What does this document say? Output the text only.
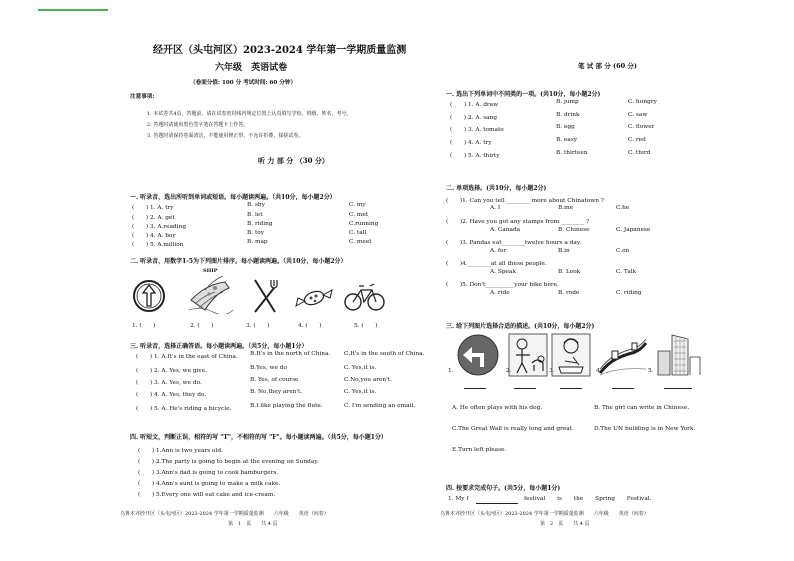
经开区（头屯河区）2023-2024 学年第一学期质量监测
六年级 英语试卷
（卷面分值: 100 分 考试时间: 60 分钟）
注意事项:
1. 本试卷共4页，答题前，请在试卷密封线内规定位置上认真填写学校、班级、姓名、考号。
2. 答题时请使用黑色签字笔在答题卡上作答。
3. 答题时请保持卷面清洁，不能使用修正带，不允许折叠、揉搓试卷。
听 力 部 分 （30 分）
一. 听录音，选出所听到单词或短语。每小题读两遍。（共10分，每小题2分）
(　　) 1. A. try	B. shy	C. my
(　　) 2. A. get	B. let	C. met
(　　) 3. A.reading	B. riding	C.running
(　　) 4. A. boy	B. toy	C. tall
(　　) 5. A.million	B. map	C. meet
二. 听录音，用数字1-5为下列图片排序。每小题读两遍。（共10分，每小题2分）
SHIP
1. (　　)	2. (　　)	3. (　　)	4. (　　)	5. (　　)
三. 听录音，选择正确答语。每小题读两遍。（共5分，每小题1分）
(　　) 1. A.It's in the east of China. B.It's in the north of China. C.It's in the south of China.
(　　) 2. A. Yes, we give.	B.Yes, we do	C. Yes,it is.
(　　) 3. A. Yes, we do.	B. Yes, of course	C.No,you aren't.
(　　) 4. A. Yes, they do.	B. No,they aren't.	C. Yes,it is.
(　　) 5. A. He's riding a bicycle.	B.I like playing the flute.	C. I'm sending an email.
四. 听短文，判断正误，相符的写 "T"，不相符的写 "F"。每小题读两遍。（共5分，每小题1分）
(　　) 1.Ann is two years old.
(　　) 2.The party is going to begin at the evening on Sunday.
(　　) 3.Ann's dad is going to cook hamburgers.
(　　) 4.Ann's aunt is going to make a milk cake.
(　　) 5.Every one will eat cake and ice-cream.
乌鲁木齐经开区（头屯河区）2023-2024 学年第一学期质量监测　　六年级　　英语（问卷）
第　1　页　　共 4 页
笔 试 部 分 (60 分)
一. 选出下列单词中不同类的一项。(共10分，每小题2分)
(　　) 1. A. draw	B. jump	C. hungry
(　　) 2. A. sang	B. drink	C. saw
(　　) 3. A. tomato	B. egg	C. flower
(　　) 4. A. try	B. easy	C. red
(　　) 5. A. thirty	B. thirteen	C. third
二. 单项选择。(共10分，每小题2分)
(　　)1. Can you tell ________ more about Chinatown ?
A. I	B.me	C.he
(　　)2. Have you got any stamps from ________ ?
A. Canada	B. Chinese	C. Japanese
(　　)3. Pandas eat________twelve hours a day.
A. for	B.in	C.on
(　　)4.________at all these people.
A. Speak	B. Look	C. Talk
(　　)5. Don't__________your bike here.
A. ride	B. rode	C. riding
三. 给下列图片选择合适的描述。(共10分，每小题2分)
1.	2.	3.	4.	5.
A. He often plays with his dog.	B. The girl can write in Chinese.
C.The Great Wall is really long and great.	D.The UN building is in New York.
E.Turn left please.
四. 按要求完成句子。(共5分，每小题1分)
1. My f	festival is the Spring Festival.
乌鲁木齐经开区（头屯河区）2023-2024 学年第一学期质量监测　　六年级　　英语（问卷）
第　2　页　　共 4 页
